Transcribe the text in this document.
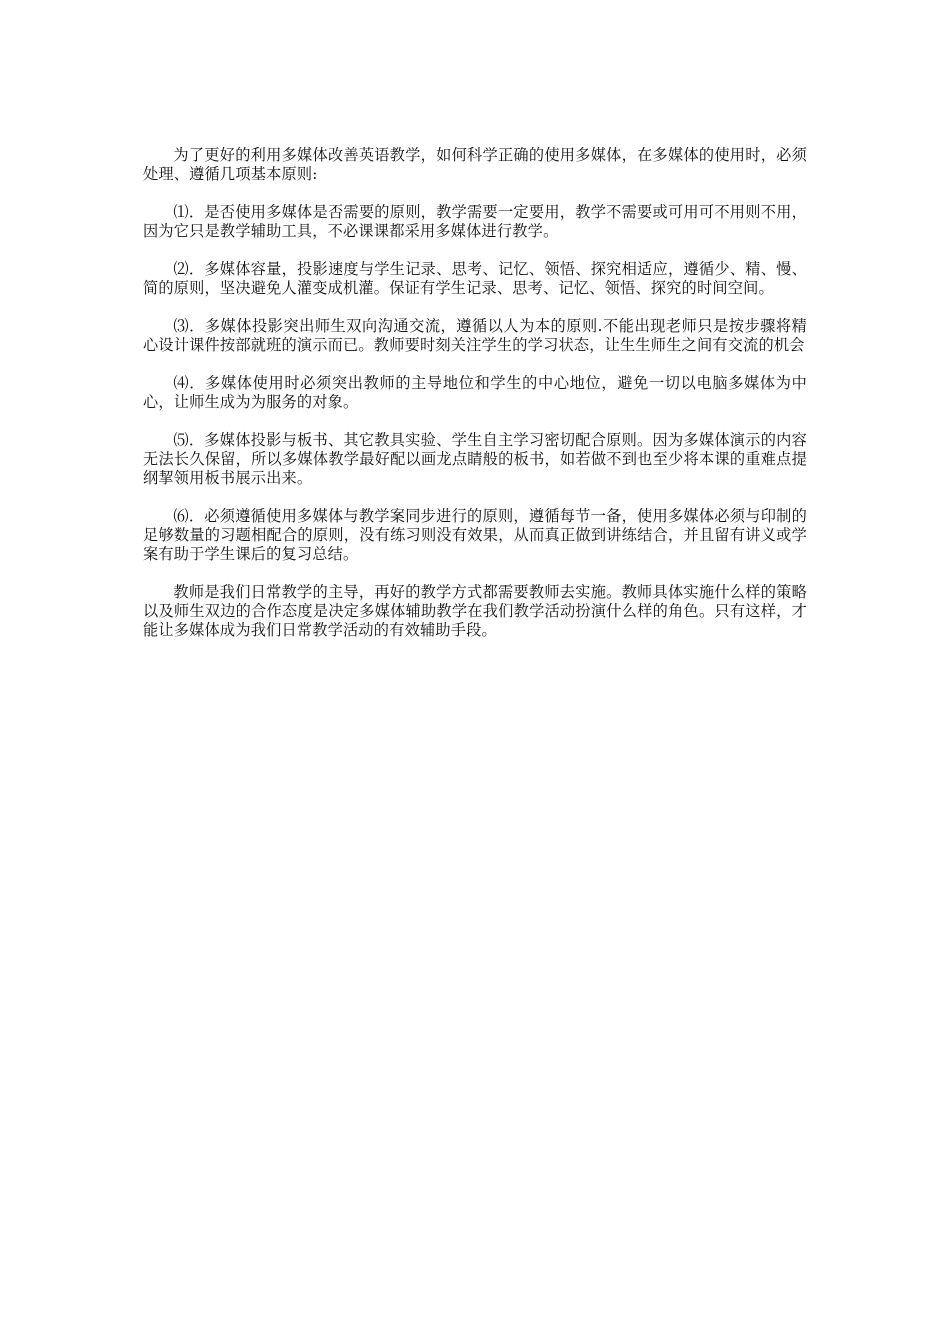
为了更好的利用多媒体改善英语教学，如何科学正确的使用多媒体，在多媒体的使用时，必须处理、遵循几项基本原则:

⑴．是否使用多媒体是否需要的原则，教学需要一定要用，教学不需要或可用可不用则不用，因为它只是教学辅助工具，不必课课都采用多媒体进行教学。

⑵．多媒体容量，投影速度与学生记录、思考、记忆、领悟、探究相适应，遵循少、精、慢、简的原则，坚决避免人灌变成机灌。保证有学生记录、思考、记忆、领悟、探究的时间空间。

⑶．多媒体投影突出师生双向沟通交流，遵循以人为本的原则.不能出现老师只是按步骤将精心设计课件按部就班的演示而已。教师要时刻关注学生的学习状态，让生生师生之间有交流的机会

⑷．多媒体使用时必须突出教师的主导地位和学生的中心地位，避免一切以电脑多媒体为中心，让师生成为为服务的对象。

⑸．多媒体投影与板书、其它教具实验、学生自主学习密切配合原则。因为多媒体演示的内容无法长久保留，所以多媒体教学最好配以画龙点睛般的板书，如若做不到也至少将本课的重难点提纲挈领用板书展示出来。

⑹．必须遵循使用多媒体与教学案同步进行的原则，遵循每节一备，使用多媒体必须与印制的足够数量的习题相配合的原则，没有练习则没有效果，从而真正做到讲练结合，并且留有讲义或学案有助于学生课后的复习总结。

教师是我们日常教学的主导，再好的教学方式都需要教师去实施。教师具体实施什么样的策略以及师生双边的合作态度是决定多媒体辅助教学在我们教学活动扮演什么样的角色。只有这样，才能让多媒体成为我们日常教学活动的有效辅助手段。
